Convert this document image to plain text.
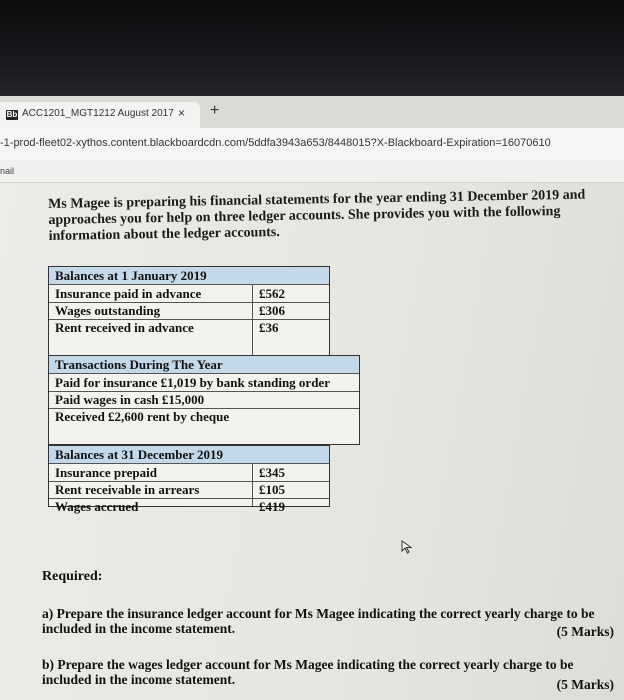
Bb ACC1201_MGT1212 August 2017 × +
-1-prod-fleet02-xythos.content.blackboardcdn.com/5ddfa3943a653/8448015?X-Blackboard-Expiration=16070610
nail
Ms Magee is preparing his financial statements for the year ending 31 December 2019 and approaches you for help on three ledger accounts. She provides you with the following information about the ledger accounts.
Balances at 1 January 2019
Insurance paid in advance	£562
Wages outstanding	£306
Rent received in advance	£36
Transactions During The Year
Paid for insurance £1,019 by bank standing order
Paid wages in cash £15,000
Received £2,600 rent by cheque
Balances at 31 December 2019
Insurance prepaid	£345
Rent receivable in arrears	£105
Wages accrued	£419
Required:
a) Prepare the insurance ledger account for Ms Magee indicating the correct yearly charge to be included in the income statement.	(5 Marks)
b) Prepare the wages ledger account for Ms Magee indicating the correct yearly charge to be included in the income statement.	(5 Marks)
